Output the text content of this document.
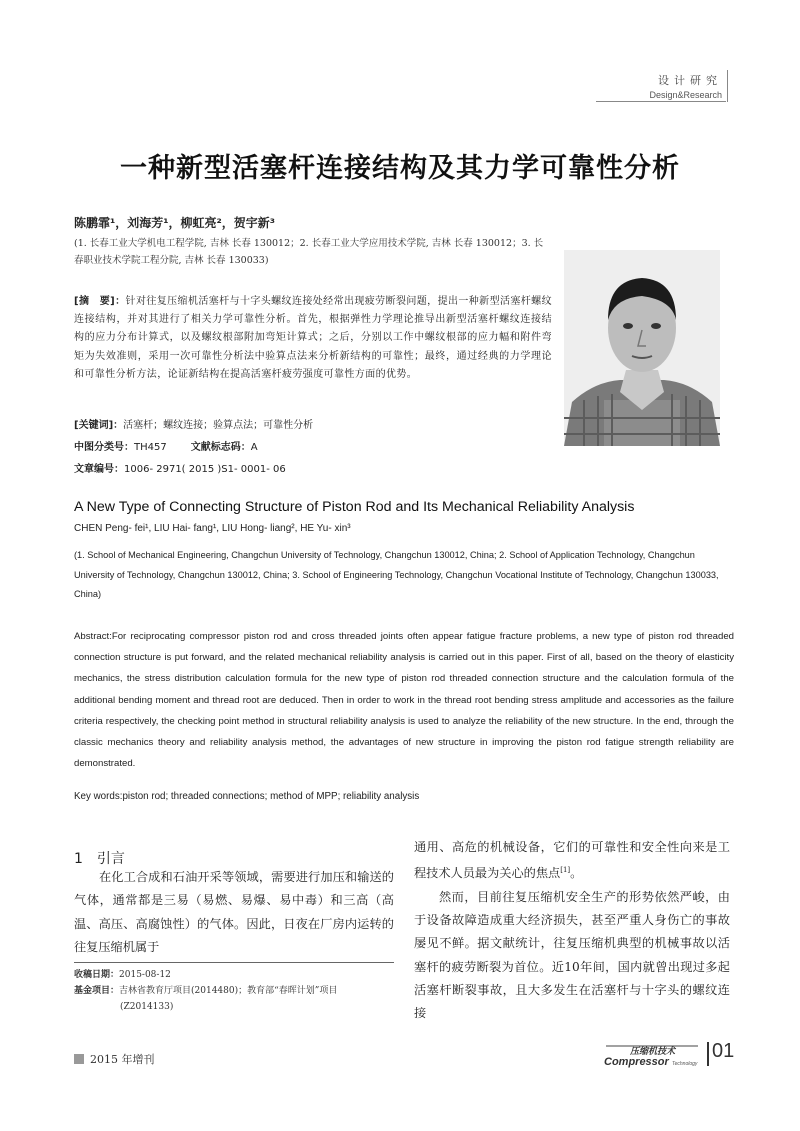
设计研究
Design&Research
一种新型活塞杆连接结构及其力学可靠性分析
陈鹏霏¹，刘海芳¹，柳虹亮²，贺宇新³
(1. 长春工业大学机电工程学院, 吉林 长春 130012；2. 长春工业大学应用技术学院, 吉林 长春 130012；3. 长春职业技术学院工程分院, 吉林 长春 130033)
[摘　要]：针对往复压缩机活塞杆与十字头螺纹连接处经常出现疲劳断裂问题，提出一种新型活塞杆螺纹连接结构，并对其进行了相关力学可靠性分析。首先，根据弹性力学理论推导出新型活塞杆螺纹连接结构的应力分布计算式，以及螺纹根部附加弯矩计算式；之后，分别以工作中螺纹根部的应力幅和附件弯矩为失效准则，采用一次可靠性分析法中验算点法来分析新结构的可靠性；最终，通过经典的力学理论和可靠性分析方法，论证新结构在提高活塞杆疲劳强度可靠性方面的优势。
[关键词]：活塞杆；螺纹连接；验算点法；可靠性分析
中图分类号：TH457 文献标志码：A
文章编号：1006- 2971( 2015 )S1- 0001- 06
A New Type of Connecting Structure of Piston Rod and Its Mechanical Reliability Analysis
CHEN Peng- fei¹, LIU Hai- fang¹, LIU Hong- liang², HE Yu- xin³
(1. School of Mechanical Engineering, Changchun University of Technology, Changchun 130012, China; 2. School of Application Technology, Changchun University of Technology, Changchun 130012, China; 3. School of Engineering Technology, Changchun Vocational Institute of Technology, Changchun 130033, China)
Abstract:For reciprocating compressor piston rod and cross threaded joints often appear fatigue fracture problems, a new type of piston rod threaded connection structure is put forward, and the related mechanical reliability analysis is carried out in this paper. First of all, based on the theory of elasticity mechanics, the stress distribution calculation formula for the new type of piston rod threaded connection structure and the calculation formula of the additional bending moment and thread root are deduced. Then in order to work in the thread root bending stress amplitude and accessories as the failure criteria respectively, the checking point method in structural reliability analysis is used to analyze the reliability of the new structure. In the end, through the classic mechanics theory and reliability analysis method, the advantages of new structure in improving the piston rod fatigue strength reliability are demonstrated.
Key words:piston rod; threaded connections; method of MPP; reliability analysis
1　引言
在化工合成和石油开采等领域，需要进行加压和输送的气体，通常都是三易（易燃、易爆、易中毒）和三高（高温、高压、高腐蚀性）的气体。因此，日夜在厂房内运转的往复压缩机属于

通用、高危的机械设备，它们的可靠性和安全性向来是工程技术人员最为关心的焦点[1]。

然而，目前往复压缩机安全生产的形势依然严峻，由于设备故障造成重大经济损失，甚至严重人身伤亡的事故屡见不鲜。据文献统计，往复压缩机典型的机械事故以活塞杆的疲劳断裂为首位。近10年间，国内就曾出现过多起活塞杆断裂事故，且大多发生在活塞杆与十字头的螺纹连接

收稿日期：2015-08-12
基金项目：吉林省教育厅项目(2014480)；教育部“春晖计划”项目
(Z2014133)
2015 年增刊
压缩机技术
Compressor Technology
01
